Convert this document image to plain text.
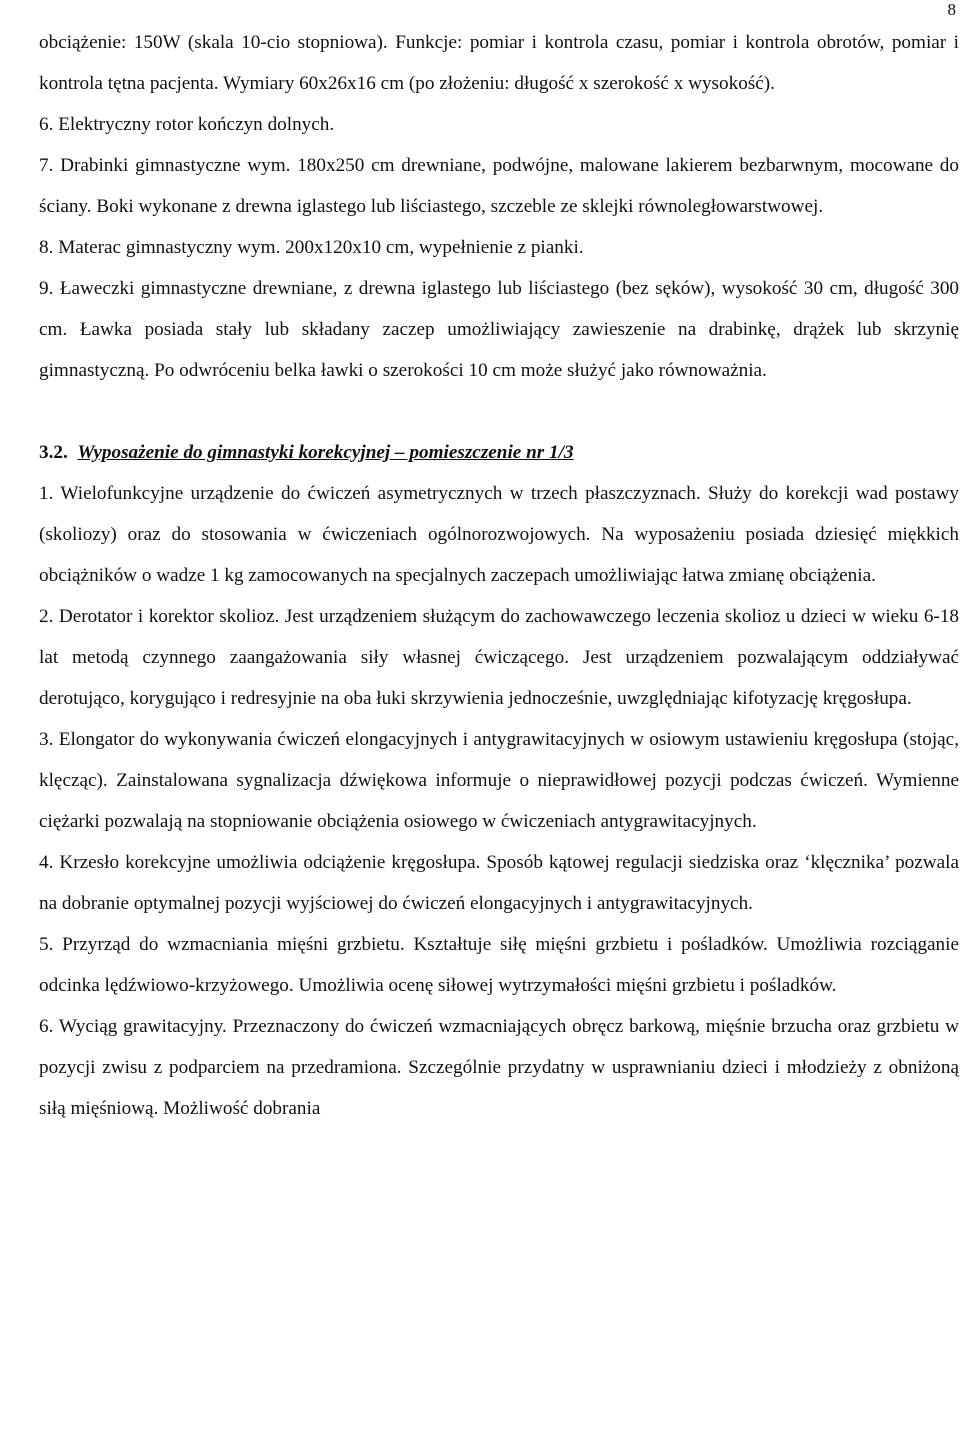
8

obciążenie: 150W (skala 10-cio stopniowa). Funkcje: pomiar i kontrola czasu, pomiar i kontrola obrotów, pomiar i kontrola tętna pacjenta. Wymiary 60x26x16 cm (po złożeniu: długość x szerokość x wysokość).

6. Elektryczny rotor kończyn dolnych.

7. Drabinki gimnastyczne wym. 180x250 cm drewniane, podwójne, malowane lakierem bezbarwnym, mocowane do ściany. Boki wykonane z drewna iglastego lub liściastego, szczeble ze sklejki równoległowarstwowej.

8. Materac gimnastyczny wym. 200x120x10 cm, wypełnienie z pianki.

9. Ławeczki gimnastyczne drewniane, z drewna iglastego lub liściastego (bez sęków), wysokość 30 cm, długość 300 cm. Ławka posiada stały lub składany zaczep umożliwiający zawieszenie na drabinkę, drążek lub skrzynię gimnastyczną. Po odwróceniu belka ławki o szerokości 10 cm może służyć jako równoważnia.

3.2. Wyposażenie do gimnastyki korekcyjnej – pomieszczenie nr 1/3

1. Wielofunkcyjne urządzenie do ćwiczeń asymetrycznych w trzech płaszczyznach. Służy do korekcji wad postawy (skoliozy) oraz do stosowania w ćwiczeniach ogólnorozwojowych. Na wyposażeniu posiada dziesięć miękkich obciążników o wadze 1 kg zamocowanych na specjalnych zaczepach umożliwiając łatwa zmianę obciążenia.

2. Derotator i korektor skolioz. Jest urządzeniem służącym do zachowawczego leczenia skolioz u dzieci w wieku 6-18 lat metodą czynnego zaangażowania siły własnej ćwiczącego. Jest urządzeniem pozwalającym oddziaływać derotująco, korygująco i redresyjnie na oba łuki skrzywienia jednocześnie, uwzględniając kifotyzację kręgosłupa.

3. Elongator do wykonywania ćwiczeń elongacyjnych i antygrawitacyjnych w osiowym ustawieniu kręgosłupa (stojąc, klęcząc). Zainstalowana sygnalizacja dźwiękowa informuje o nieprawidłowej pozycji podczas ćwiczeń. Wymienne ciężarki pozwalają na stopniowanie obciążenia osiowego w ćwiczeniach antygrawitacyjnych.

4. Krzesło korekcyjne umożliwia odciążenie kręgosłupa. Sposób kątowej regulacji siedziska oraz ‘klęcznika’ pozwala na dobranie optymalnej pozycji wyjściowej do ćwiczeń elongacyjnych i antygrawitacyjnych.

5. Przyrząd do wzmacniania mięśni grzbietu. Kształtuje siłę mięśni grzbietu i pośladków. Umożliwia rozciąganie odcinka lędźwiowo-krzyżowego. Umożliwia ocenę siłowej wytrzymałości mięśni grzbietu i pośladków.

6. Wyciąg grawitacyjny. Przeznaczony do ćwiczeń wzmacniających obręcz barkową, mięśnie brzucha oraz grzbietu w pozycji zwisu z podparciem na przedramiona. Szczególnie przydatny w usprawnianiu dzieci i młodzieży z obniżoną siłą mięśniową. Możliwość dobrania
